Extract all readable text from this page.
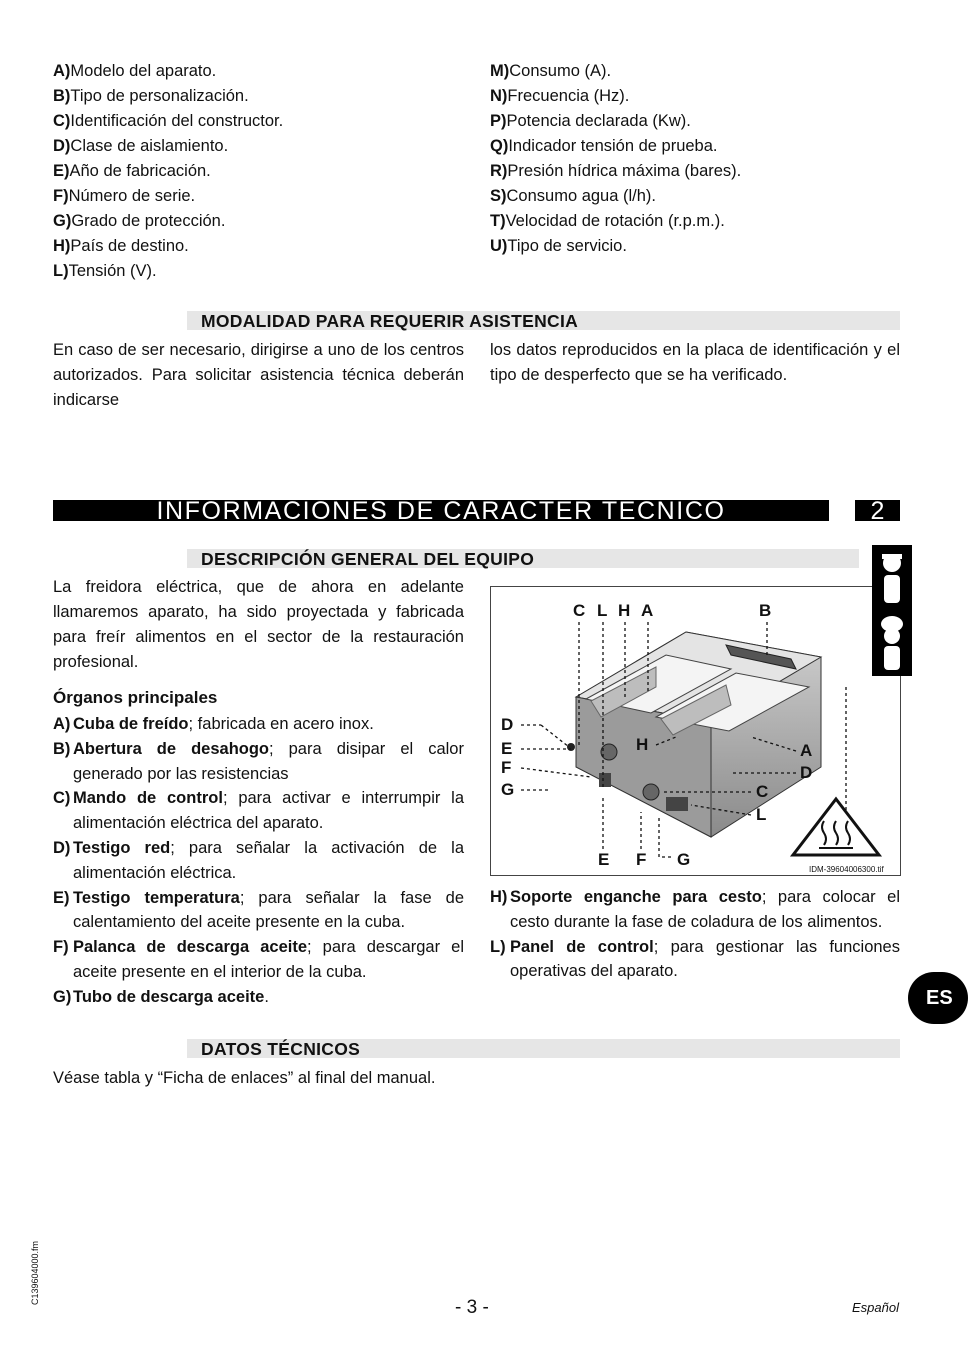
A)Modelo del aparato.
B)Tipo de personalización.
C)Identificación del constructor.
D)Clase de aislamiento.
E)Año de fabricación.
F)Número de serie.
G)Grado de protección.
H)País de destino.
L)Tensión (V).
M)Consumo (A).
N)Frecuencia (Hz).
P)Potencia declarada (Kw).
Q)Indicador tensión de prueba.
R)Presión hídrica máxima (bares).
S)Consumo agua (l/h).
T)Velocidad de rotación (r.p.m.).
U)Tipo de servicio.
MODALIDAD PARA REQUERIR ASISTENCIA
En caso de ser necesario, dirigirse a uno de los centros autorizados. Para solicitar asistencia técnica deberán indicarse
los datos reproducidos en la placa de identificación y el tipo de desperfecto que se ha verificado.
INFORMACIONES DE CARACTER TECNICO	2
DESCRIPCIÓN GENERAL DEL EQUIPO
La freidora eléctrica, que de ahora en adelante llamaremos aparato, ha sido proyectada y fabricada para freír alimentos en el sector de la restauración profesional.
Órganos principales
A) Cuba de freído; fabricada en acero inox.
B) Abertura de desahogo; para disipar el calor generado por las resistencias
C) Mando de control; para activar e interrumpir la alimentación eléctrica del aparato.
D) Testigo red; para señalar la activación de la alimentación eléctrica.
E) Testigo temperatura; para señalar la fase de calentamiento del aceite presente en la cuba.
F) Palanca de descarga aceite; para descargar el aceite presente en el interior de la cuba.
G) Tubo de descarga aceite.
H) Soporte enganche para cesto; para colocar el cesto durante la fase de coladura de los alimentos.
L) Panel de control; para gestionar las funciones operativas del aparato.
C L H A	B
D
E
F
G
H	A
D
C
L
E F G
IDM-39604006300.tif
DATOS TÉCNICOS
Véase tabla y “Ficha de enlaces” al final del manual.
ES
C139604000.fm
- 3 -	Español
